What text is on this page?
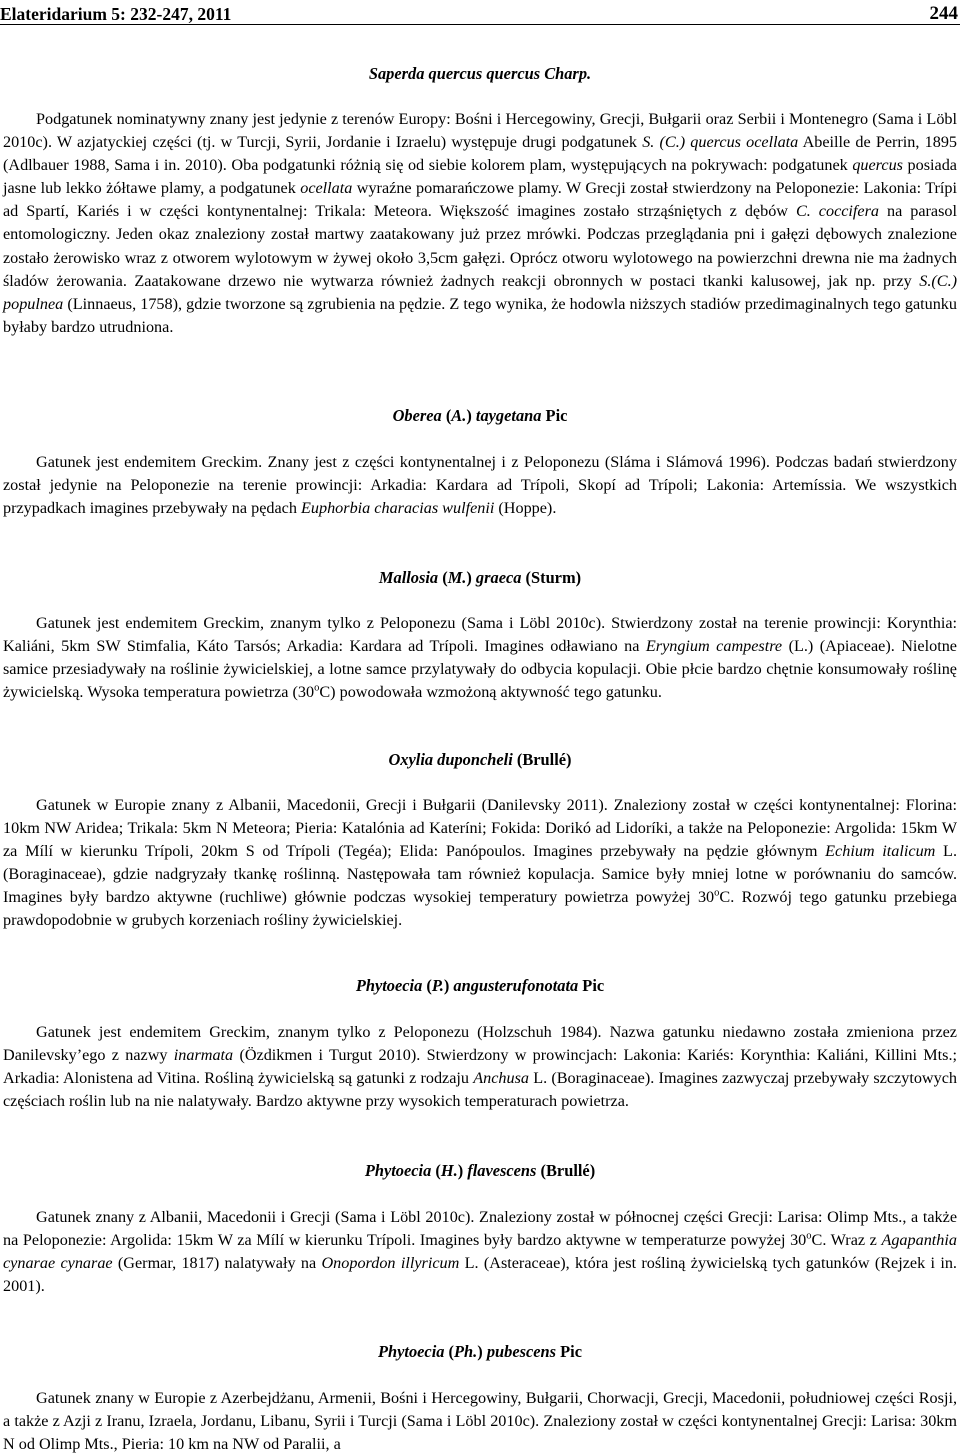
Elateridarium 5: 232-247, 2011	244
Saperda quercus quercus Charp.

Podgatunek nominatywny znany jest jedynie z terenów Europy: Bośni i Hercegowiny, Grecji, Bułgarii oraz Serbii i Montenegro (Sama i Löbl 2010c). W azjatyckiej części (tj. w Turcji, Syrii, Jordanie i Izraelu) występuje drugi podgatunek S. (C.) quercus ocellata Abeille de Perrin, 1895 (Adlbauer 1988, Sama i in. 2010). Oba podgatunki różnią się od siebie kolorem plam, występujących na pokrywach: podgatunek quercus posiada jasne lub lekko żółtawe plamy, a podgatunek ocellata wyraźne pomarańczowe plamy. W Grecji został stwierdzony na Peloponezie: Lakonia: Trípi ad Spartí, Kariés i w części kontynentalnej: Trikala: Meteora. Większość imagines zostało strząśniętych z dębów C. coccifera na parasol entomologiczny. Jeden okaz znaleziony został martwy zaatakowany już przez mrówki. Podczas przeglądania pni i gałęzi dębowych znalezione zostało żerowisko wraz z otworem wylotowym w żywej około 3,5cm gałęzi. Oprócz otworu wylotowego na powierzchni drewna nie ma żadnych śladów żerowania. Zaatakowane drzewo nie wytwarza również żadnych reakcji obronnych w postaci tkanki kalusowej, jak np. przy S.(C.) populnea (Linnaeus, 1758), gdzie tworzone są zgrubienia na pędzie. Z tego wynika, że hodowla niższych stadiów przedimaginalnych tego gatunku byłaby bardzo utrudniona.

Oberea (A.) taygetana Pic

Gatunek jest endemitem Greckim. Znany jest z części kontynentalnej i z Peloponezu (Sláma i Slámová 1996). Podczas badań stwierdzony został jedynie na Peloponezie na terenie prowincji: Arkadia: Kardara ad Trípoli, Skopí ad Trípoli; Lakonia: Artemíssia. We wszystkich przypadkach imagines przebywały na pędach Euphorbia characias wulfenii (Hoppe).

Mallosia (M.) graeca (Sturm)

Gatunek jest endemitem Greckim, znanym tylko z Peloponezu (Sama i Löbl 2010c). Stwierdzony został na terenie prowincji: Korynthia: Kaliáni, 5km SW Stimfalia, Káto Tarsós; Arkadia: Kardara ad Trípoli. Imagines odławiano na Eryngium campestre (L.) (Apiaceae). Nielotne samice przesiadywały na roślinie żywicielskiej, a lotne samce przylatywały do odbycia kopulacji. Obie płcie bardzo chętnie konsumowały roślinę żywicielską. Wysoka temperatura powietrza (30$^o$C) powodowała wzmożoną aktywność tego gatunku.

Oxylia duponcheli (Brullé)

Gatunek w Europie znany z Albanii, Macedonii, Grecji i Bułgarii (Danilevsky 2011). Znaleziony został w części kontynentalnej: Florina: 10km NW Aridea; Trikala: 5km N Meteora; Pieria: Katalónia ad Kateríni; Fokida: Dorikó ad Lidoríki, a także na Peloponezie: Argolida: 15km W za Mílí w kierunku Trípoli, 20km S od Trípoli (Tegéa); Elida: Panópoulos. Imagines przebywały na pędzie głównym Echium italicum L. (Boraginaceae), gdzie nadgryzały tkankę roślinną. Następowała tam również kopulacja. Samice były mniej lotne w porównaniu do samców. Imagines były bardzo aktywne (ruchliwe) głównie podczas wysokiej temperatury powietrza powyżej 30$^o$C. Rozwój tego gatunku przebiega prawdopodobnie w grubych korzeniach rośliny żywicielskiej.

Phytoecia (P.) angusterufonotata Pic

Gatunek jest endemitem Greckim, znanym tylko z Peloponezu (Holzschuh 1984). Nazwa gatunku niedawno została zmieniona przez Danilevsky’ego z nazwy inarmata (Özdikmen i Turgut 2010). Stwierdzony w prowincjach: Lakonia: Kariés: Korynthia: Kaliáni, Killini Mts.; Arkadia: Alonistena ad Vitina. Rośliną żywicielską są gatunki z rodzaju Anchusa L. (Boraginaceae). Imagines zazwyczaj przebywały szczytowych częściach roślin lub na nie nalatywały. Bardzo aktywne przy wysokich temperaturach powietrza.

Phytoecia (H.) flavescens (Brullé)

Gatunek znany z Albanii, Macedonii i Grecji (Sama i Löbl 2010c). Znaleziony został w północnej części Grecji: Larisa: Olimp Mts., a także na Peloponezie: Argolida: 15km W za Mílí w kierunku Trípoli. Imagines były bardzo aktywne w temperaturze powyżej 30$^o$C. Wraz z Agapanthia cynarae cynarae (Germar, 1817) nalatywały na Onopordon illyricum L. (Asteraceae), która jest rośliną żywicielską tych gatunków (Rejzek i in. 2001).

Phytoecia (Ph.) pubescens Pic

Gatunek znany w Europie z Azerbejdżanu, Armenii, Bośni i Hercegowiny, Bułgarii, Chorwacji, Grecji, Macedonii, południowej części Rosji, a także z Azji z Iranu, Izraela, Jordanu, Libanu, Syrii i Turcji (Sama i Löbl 2010c). Znaleziony został w części kontynentalnej Grecji: Larisa: 30km N od Olimp Mts., Pieria: 10 km na NW od Paralii, a
